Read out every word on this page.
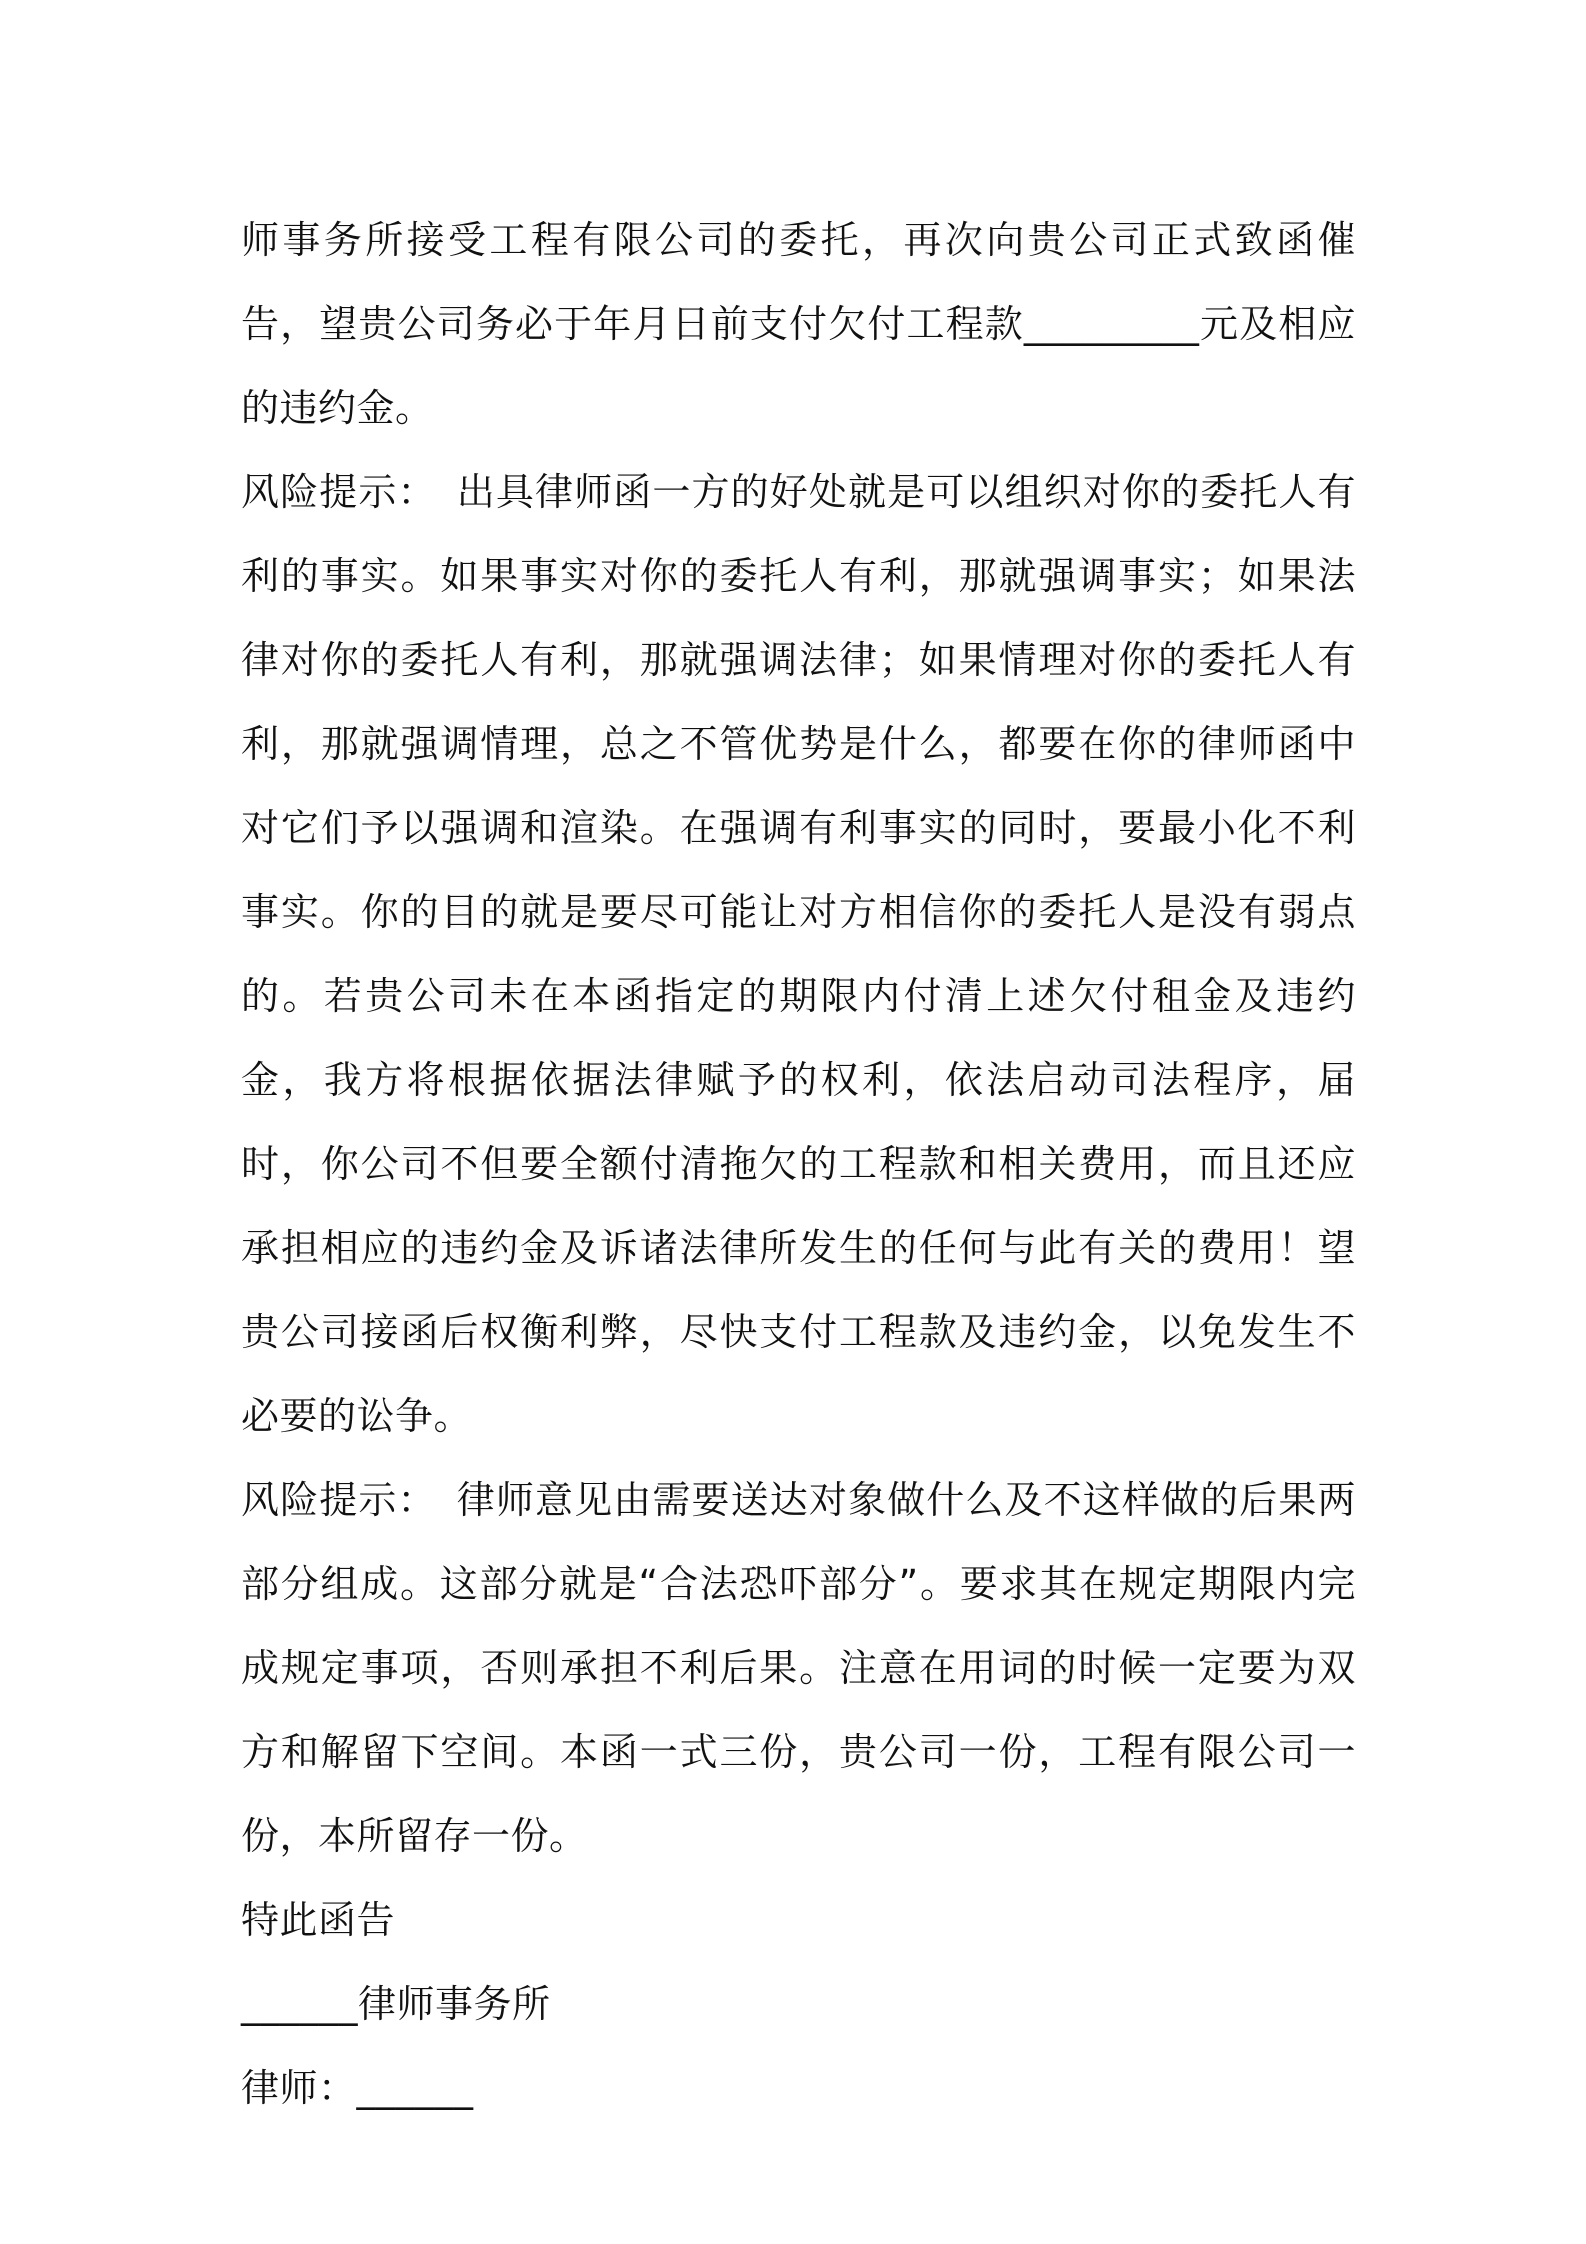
师事务所接受工程有限公司的委托，再次向贵公司正式致函催告，望贵公司务必于年月日前支付欠付工程款_________元及相应的违约金。

风险提示：　出具律师函一方的好处就是可以组织对你的委托人有利的事实。如果事实对你的委托人有利，那就强调事实；如果法律对你的委托人有利，那就强调法律；如果情理对你的委托人有利，那就强调情理，总之不管优势是什么，都要在你的律师函中对它们予以强调和渲染。在强调有利事实的同时，要最小化不利事实。你的目的就是要尽可能让对方相信你的委托人是没有弱点的。若贵公司未在本函指定的期限内付清上述欠付租金及违约金，我方将根据依据法律赋予的权利，依法启动司法程序，届时，你公司不但要全额付清拖欠的工程款和相关费用，而且还应承担相应的违约金及诉诸法律所发生的任何与此有关的费用！望贵公司接函后权衡利弊，尽快支付工程款及违约金，以免发生不必要的讼争。

风险提示：　律师意见由需要送达对象做什么及不这样做的后果两部分组成。这部分就是“合法恐吓部分”。要求其在规定期限内完成规定事项，否则承担不利后果。注意在用词的时候一定要为双方和解留下空间。本函一式三份，贵公司一份，工程有限公司一份，本所留存一份。

特此函告

______律师事务所

律师：______
